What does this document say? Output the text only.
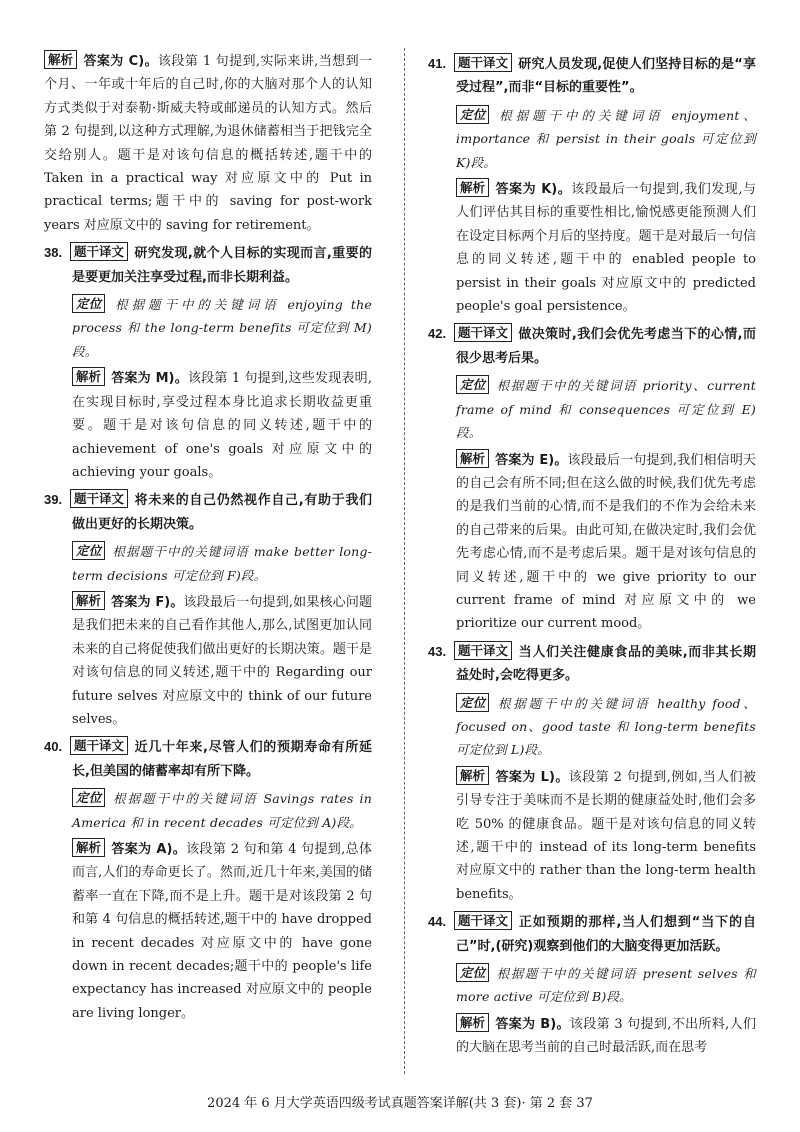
解析 答案为 C)。该段第 1 句提到,实际来讲,当想到一个月、一年或十年后的自己时,你的大脑对那个人的认知方式类似于对泰勒·斯威夫特或邮递员的认知方式。然后第 2 句提到,以这种方式理解,为退休储蓄相当于把钱完全交给别人。题干是对该句信息的概括转述,题干中的 Taken in a practical way 对应原文中的 Put in practical terms;题干中的 saving for post-work years 对应原文中的 saving for retirement。

38. 题干译文 研究发现,就个人目标的实现而言,重要的是要更加关注享受过程,而非长期利益。

定位 根据题干中的关键词语 enjoying the process 和 the long-term benefits 可定位到 M)段。

解析 答案为 M)。该段第 1 句提到,这些发现表明,在实现目标时,享受过程本身比追求长期收益更重要。题干是对该句信息的同义转述,题干中的 achievement of one's goals 对应原文中的 achieving your goals。

39. 题干译文 将未来的自己仍然视作自己,有助于我们做出更好的长期决策。

定位 根据题干中的关键词语 make better long-term decisions 可定位到 F)段。

解析 答案为 F)。该段最后一句提到,如果核心问题是我们把未来的自己看作其他人,那么,试图更加认同未来的自己将促使我们做出更好的长期决策。题干是对该句信息的同义转述,题干中的 Regarding our future selves 对应原文中的 think of our future selves。

40. 题干译文 近几十年来,尽管人们的预期寿命有所延长,但美国的储蓄率却有所下降。

定位 根据题干中的关键词语 Savings rates in America 和 in recent decades 可定位到 A)段。

解析 答案为 A)。该段第 2 句和第 4 句提到,总体而言,人们的寿命更长了。然而,近几十年来,美国的储蓄率一直在下降,而不是上升。题干是对该段第 2 句和第 4 句信息的概括转述,题干中的 have dropped in recent decades 对应原文中的 have gone down in recent decades;题干中的 people's life expectancy has increased 对应原文中的 people are living longer。

41. 题干译文 研究人员发现,促使人们坚持目标的是“享受过程”,而非“目标的重要性”。

定位 根据题干中的关键词语 enjoyment、importance 和 persist in their goals 可定位到 K)段。

解析 答案为 K)。该段最后一句提到,我们发现,与人们评估其目标的重要性相比,愉悦感更能预测人们在设定目标两个月后的坚持度。题干是对最后一句信息的同义转述,题干中的 enabled people to persist in their goals 对应原文中的 predicted people's goal persistence。

42. 题干译文 做决策时,我们会优先考虑当下的心情,而很少思考后果。

定位 根据题干中的关键词语 priority、current frame of mind 和 consequences 可定位到 E)段。

解析 答案为 E)。该段最后一句提到,我们相信明天的自己会有所不同;但在这么做的时候,我们优先考虑的是我们当前的心情,而不是我们的不作为会给未来的自己带来的后果。由此可知,在做决定时,我们会优先考虑心情,而不是考虑后果。题干是对该句信息的同义转述,题干中的 we give priority to our current frame of mind 对应原文中的 we prioritize our current mood。

43. 题干译文 当人们关注健康食品的美味,而非其长期益处时,会吃得更多。

定位 根据题干中的关键词语 healthy food、focused on、good taste 和 long-term benefits 可定位到 L)段。

解析 答案为 L)。该段第 2 句提到,例如,当人们被引导专注于美味而不是长期的健康益处时,他们会多吃 50% 的健康食品。题干是对该句信息的同义转述,题干中的 instead of its long-term benefits 对应原文中的 rather than the long-term health benefits。

44. 题干译文 正如预期的那样,当人们想到“当下的自己”时,(研究)观察到他们的大脑变得更加活跃。

定位 根据题干中的关键词语 present selves 和 more active 可定位到 B)段。

解析 答案为 B)。该段第 3 句提到,不出所料,人们的大脑在思考当前的自己时最活跃,而在思考

2024 年 6 月大学英语四级考试真题答案详解(共 3 套)· 第 2 套 37
